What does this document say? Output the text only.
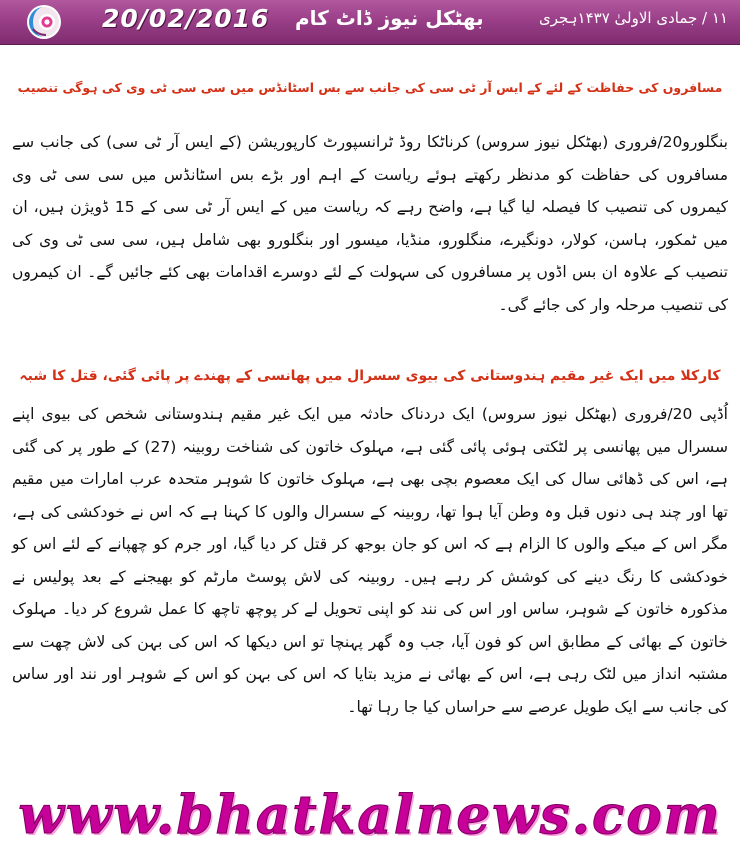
20/02/2016 بھٹکل نیوز ڈاٹ کام	۱۱ / جمادی الاولیٰ ۱۴۳۷ہجری
مسافروں کی حفاظت کے لئے کے ایس آر ٹی سی کی جانب سے بس اسٹانڈس میں سی سی ٹی وی کی ہوگی تنصیب

بنگلورو20/فروری (بھٹکل نیوز سروس) کرناٹکا روڈ ٹرانسپورٹ کارپوریشن (کے ایس آر ٹی سی) کی جانب سے مسافروں کی حفاظت کو مدنظر رکھتے ہوئے ریاست کے اہم اور بڑے بس اسٹانڈس میں سی سی ٹی وی کیمروں کی تنصیب کا فیصلہ لیا گیا ہے، واضح رہے کہ ریاست میں کے ایس آر ٹی سی کے 15 ڈویژن ہیں، ان میں ٹمکور، ہاسن، کولار، دونگیرے، منگلورو، منڈیا، میسور اور بنگلورو بھی شامل ہیں، سی سی ٹی وی کی تنصیب کے علاوہ ان بس اڈوں پر مسافروں کی سہولت کے لئے دوسرے اقدامات بھی کئے جائیں گے۔ ان کیمروں کی تنصیب مرحلہ وار کی جائے گی۔

کارکلا میں ایک غیر مقیم ہندوستانی کی بیوی سسرال میں پھانسی کے پھندے پر پائی گئی، قتل کا شبہ

اُڈپی 20/فروری (بھٹکل نیوز سروس) ایک دردناک حادثہ میں ایک غیر مقیم ہندوستانی شخص کی بیوی اپنے سسرال میں پھانسی پر لٹکتی ہوئی پائی گئی ہے، مہلوک خاتون کی شناخت روبینہ (27) کے طور پر کی گئی ہے، اس کی ڈھائی سال کی ایک معصوم بچی بھی ہے، مہلوک خاتون کا شوہر متحدہ عرب امارات میں مقیم تھا اور چند ہی دنوں قبل وہ وطن آیا ہوا تھا، روبینہ کے سسرال والوں کا کہنا ہے کہ اس نے خودکشی کی ہے، مگر اس کے میکے والوں کا الزام ہے کہ اس کو جان بوجھ کر قتل کر دیا گیا، اور جرم کو چھپانے کے لئے اس کو خودکشی کا رنگ دینے کی کوشش کر رہے ہیں۔ روبینہ کی لاش پوسٹ مارٹم کو بھیجنے کے بعد پولیس نے مذکورہ خاتون کے شوہر، ساس اور اس کی نند کو اپنی تحویل لے کر پوچھ تاچھ کا عمل شروع کر دیا۔ مہلوک خاتون کے بھائی کے مطابق اس کو فون آیا، جب وہ گھر پہنچا تو اس دیکھا کہ اس کی بہن کی لاش چھت سے مشتبہ انداز میں لٹک رہی ہے، اس کے بھائی نے مزید بتایا کہ اس کی بہن کو اس کے شوہر اور نند اور ساس کی جانب سے ایک طویل عرصے سے حراساں کیا جا رہا تھا۔

www.bhatkalnews.com
